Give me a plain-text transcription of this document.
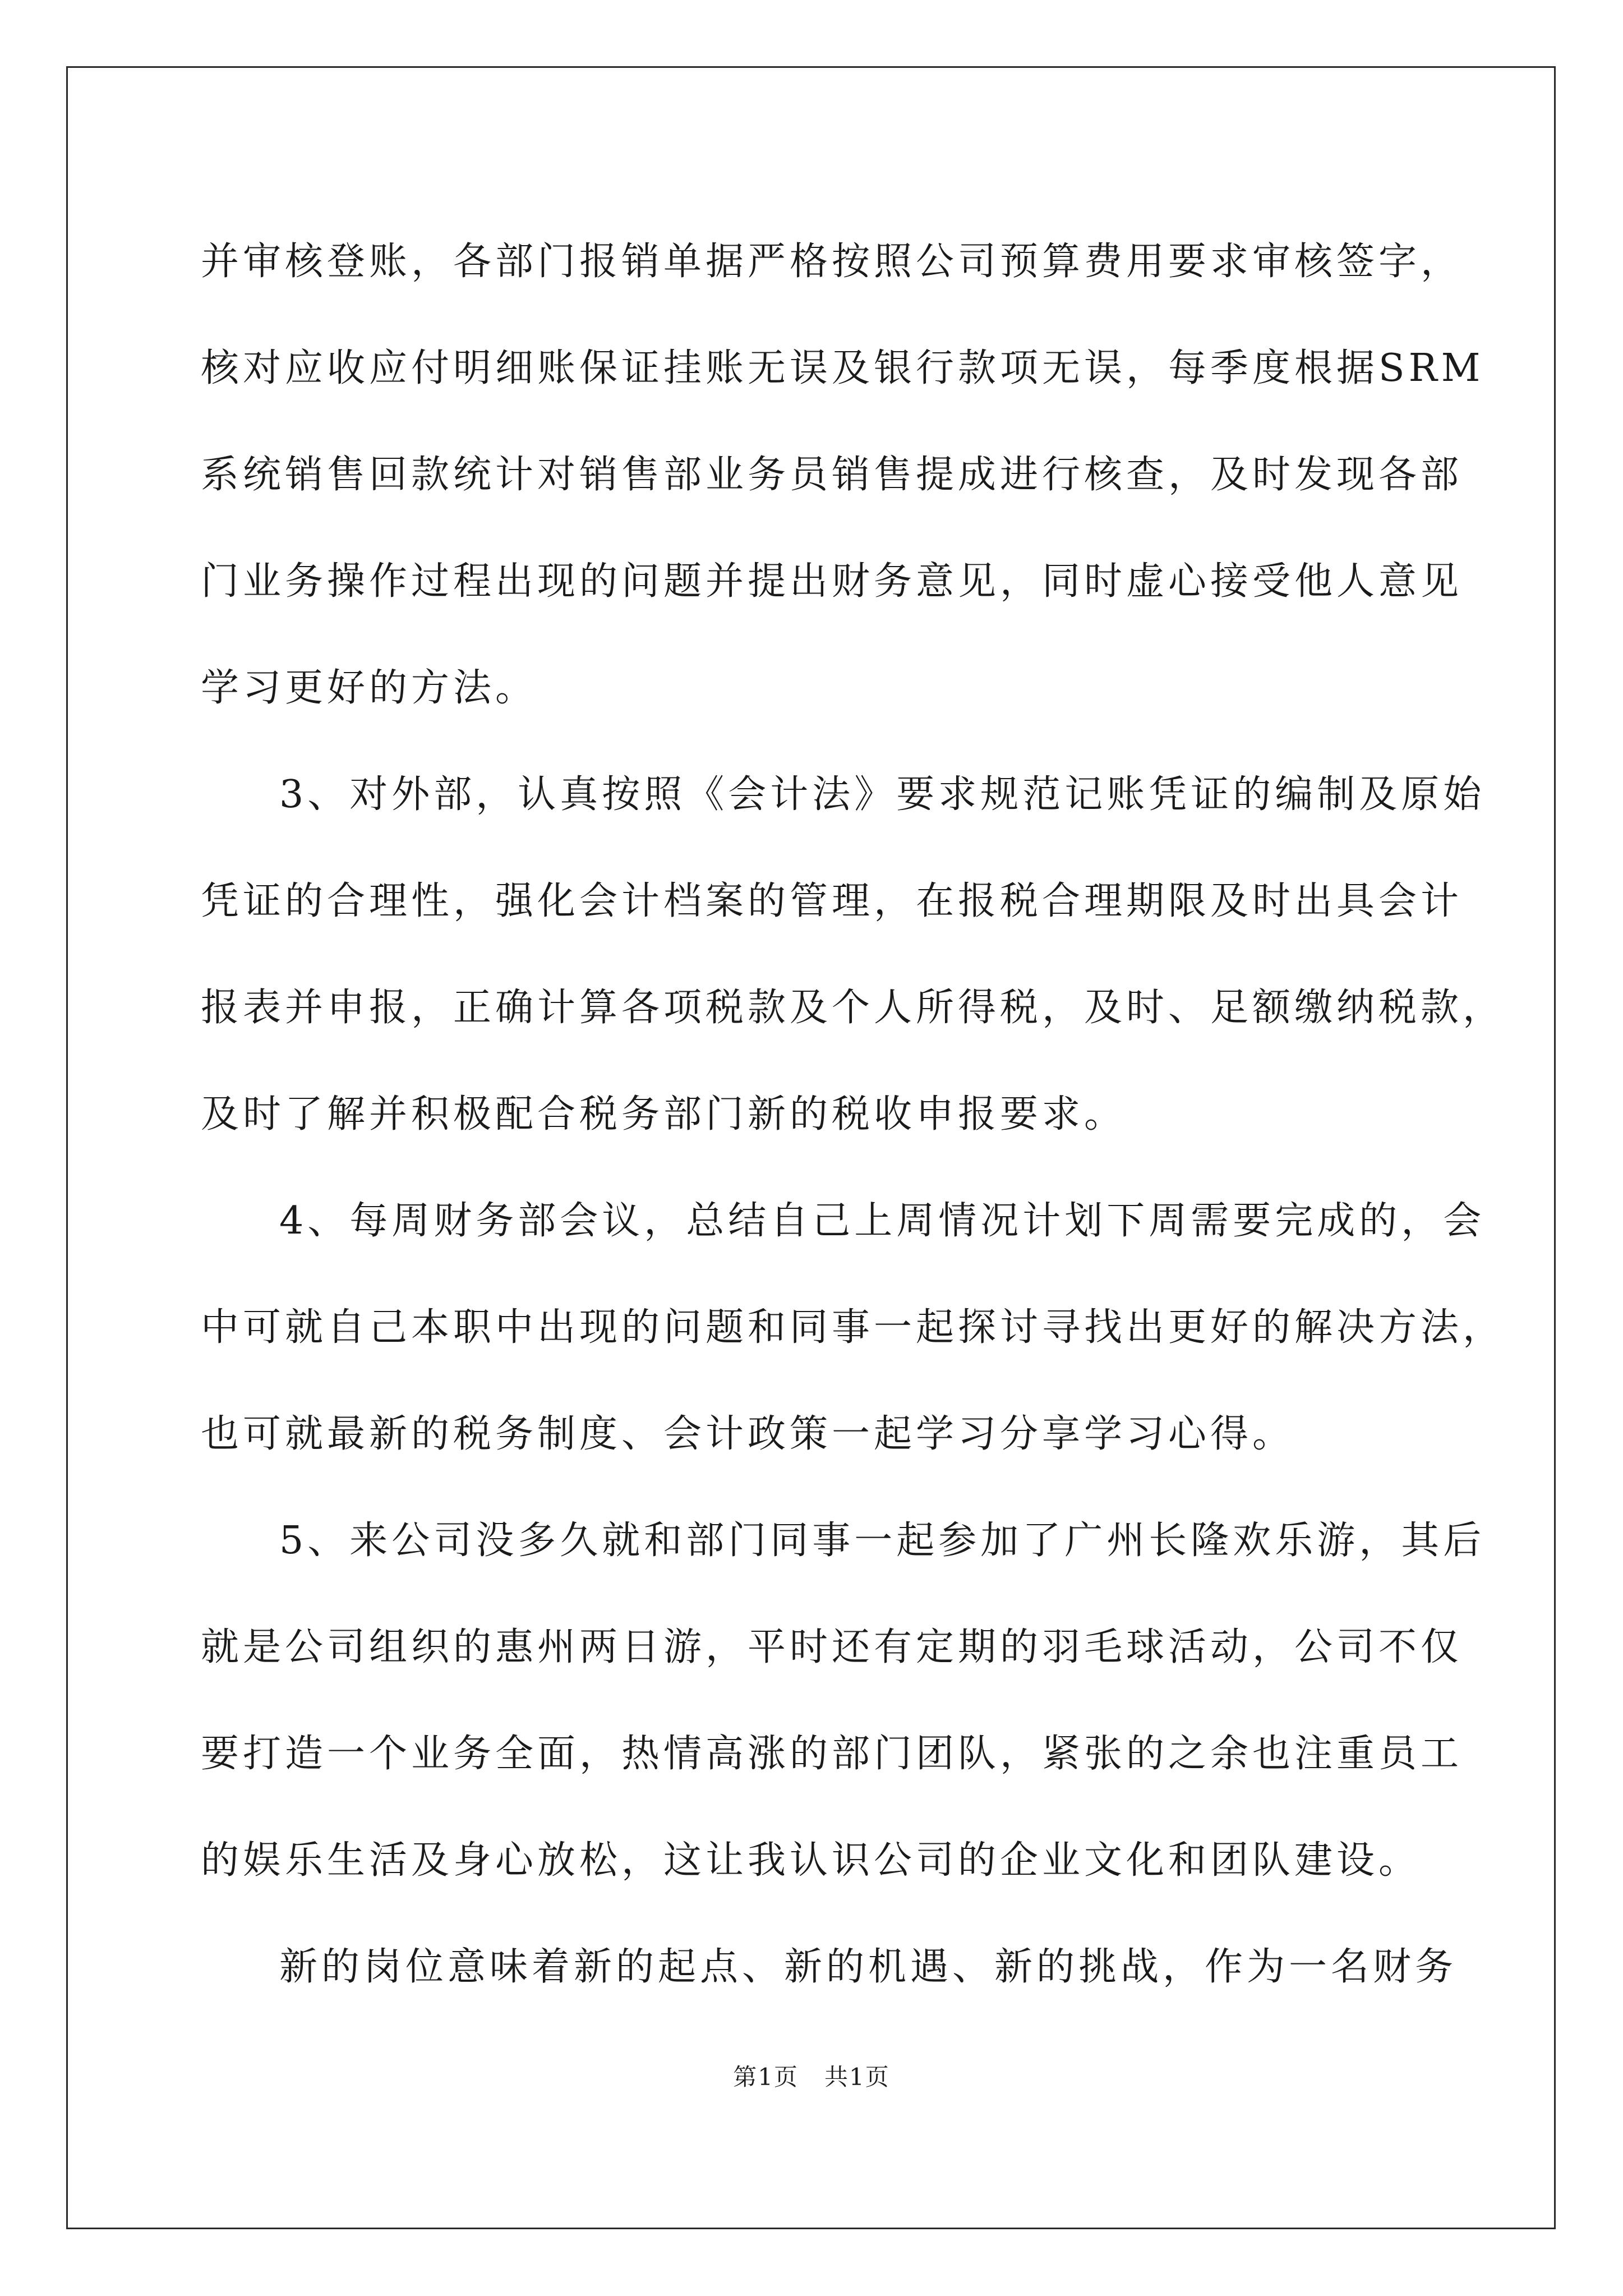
并审核登账，各部门报销单据严格按照公司预算费用要求审核签字，
核对应收应付明细账保证挂账无误及银行款项无误，每季度根据SRM
系统销售回款统计对销售部业务员销售提成进行核查，及时发现各部
门业务操作过程出现的问题并提出财务意见，同时虚心接受他人意见
学习更好的方法。
3、对外部，认真按照《会计法》要求规范记账凭证的编制及原始
凭证的合理性，强化会计档案的管理，在报税合理期限及时出具会计
报表并申报，正确计算各项税款及个人所得税，及时、足额缴纳税款，
及时了解并积极配合税务部门新的税收申报要求。
4、每周财务部会议，总结自己上周情况计划下周需要完成的，会
中可就自己本职中出现的问题和同事一起探讨寻找出更好的解决方法，
也可就最新的税务制度、会计政策一起学习分享学习心得。
5、来公司没多久就和部门同事一起参加了广州长隆欢乐游，其后
就是公司组织的惠州两日游，平时还有定期的羽毛球活动，公司不仅
要打造一个业务全面，热情高涨的部门团队，紧张的之余也注重员工
的娱乐生活及身心放松，这让我认识公司的企业文化和团队建设。
新的岗位意味着新的起点、新的机遇、新的挑战，作为一名财务
第1页 共1页
